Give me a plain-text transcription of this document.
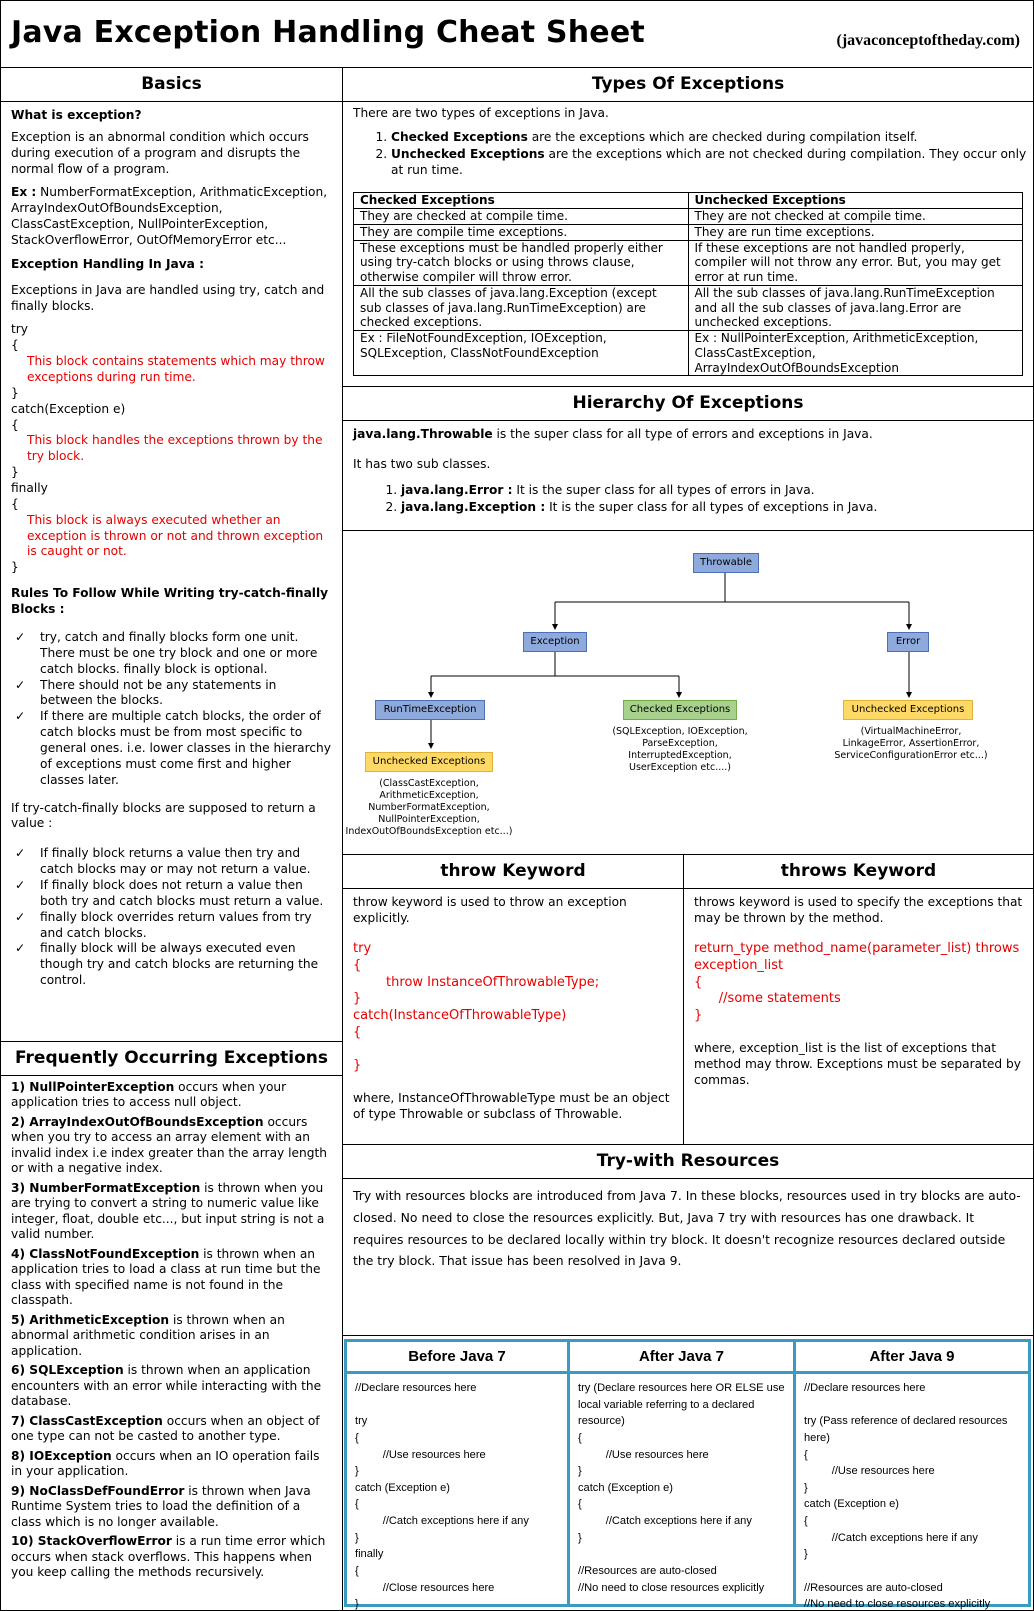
Java Exception Handling Cheat Sheet	(javaconceptoftheday.com)
Basics

What is exception?

Exception is an abnormal condition which occurs during execution of a program and disrupts the normal flow of a program.

Ex : NumberFormatException, ArithmaticException, ArrayIndexOutOfBoundsException, ClassCastException, NullPointerException, StackOverflowError, OutOfMemoryError etc...

Exception Handling In Java :

Exceptions in Java are handled using try, catch and finally blocks.

try
{
This block contains statements which may throw exceptions during run time.
}
catch(Exception e)
{
This block handles the exceptions thrown by the try block.
}
finally
{
This block is always executed whether an exception is thrown or not and thrown exception is caught or not.
}

Rules To Follow While Writing try-catch-finally Blocks :

✓ try, catch and finally blocks form one unit. There must be one try block and one or more catch blocks. finally block is optional.
✓ There should not be any statements in between the blocks.
✓ If there are multiple catch blocks, the order of catch blocks must be from most specific to general ones. i.e. lower classes in the hierarchy of exceptions must come first and higher classes later.

If try-catch-finally blocks are supposed to return a value :

✓ If finally block returns a value then try and catch blocks may or may not return a value.
✓ If finally block does not return a value then both try and catch blocks must return a value.
✓ finally block overrides return values from try and catch blocks.
✓ finally block will be always executed even though try and catch blocks are returning the control.
Frequently Occurring Exceptions
1) NullPointerException occurs when your application tries to access null object.
2) ArrayIndexOutOfBoundsException occurs when you try to access an array element with an invalid index i.e index greater than the array length or with a negative index.
3) NumberFormatException is thrown when you are trying to convert a string to numeric value like integer, float, double etc..., but input string is not a valid number.
4) ClassNotFoundException is thrown when an application tries to load a class at run time but the class with specified name is not found in the classpath.
5) ArithmeticException is thrown when an abnormal arithmetic condition arises in an application.
6) SQLException is thrown when an application encounters with an error while interacting with the database.
7) ClassCastException occurs when an object of one type can not be casted to another type.
8) IOException occurs when an IO operation fails in your application.
9) NoClassDefFoundError is thrown when Java Runtime System tries to load the definition of a class which is no longer available.
10) StackOverflowError is a run time error which occurs when stack overflows. This happens when you keep calling the methods recursively.
Types Of Exceptions

There are two types of exceptions in Java.

1. Checked Exceptions are the exceptions which are checked during compilation itself.
2. Unchecked Exceptions are the exceptions which are not checked during compilation. They occur only at run time.
Checked Exceptions	Unchecked Exceptions
They are checked at compile time.	They are not checked at compile time.
They are compile time exceptions.	They are run time exceptions.
These exceptions must be handled properly either using try-catch blocks or using throws clause, otherwise compiler will throw error.	If these exceptions are not handled properly, compiler will not throw any error. But, you may get error at run time.
All the sub classes of java.lang.Exception (except sub classes of java.lang.RunTimeException) are checked exceptions.	All the sub classes of java.lang.RunTimeException and all the sub classes of java.lang.Error are unchecked exceptions.
Ex : FileNotFoundException, IOException, SQLException, ClassNotFoundException	Ex : NullPointerException, ArithmeticException, ClassCastException, ArrayIndexOutOfBoundsException
Hierarchy Of Exceptions

java.lang.Throwable is the super class for all type of errors and exceptions in Java.

It has two sub classes.

1. java.lang.Error : It is the super class for all types of errors in Java.
2. java.lang.Exception : It is the super class for all types of exceptions in Java.
Throwable
Exception	Error
RunTimeException	Checked Exceptions	Unchecked Exceptions
Unchecked Exceptions
(SQLException, IOException,
ParseException,
InterruptedException,
UserException etc....)
(VirtualMachineError,
LinkageError, AssertionError,
ServiceConfigurationError etc...)
(ClassCastException,
ArithmeticException,
NumberFormatException,
NullPointerException,
IndexOutOfBoundsException etc...)
throw Keyword

throw keyword is used to throw an exception explicitly.

try
{
throw InstanceOfThrowableType;
}
catch(InstanceOfThrowableType)
{
}

where, InstanceOfThrowableType must be an object of type Throwable or subclass of Throwable.

throws Keyword

throws keyword is used to specify the exceptions that may be thrown by the method.

return_type method_name(parameter_list) throws exception_list
{
//some statements
}

where, exception_list is the list of exceptions that method may throw. Exceptions must be separated by commas.

Try-with Resources
Try with resources blocks are introduced from Java 7. In these blocks, resources used in try blocks are auto-closed. No need to close the resources explicitly. But, Java 7 try with resources has one drawback. It requires resources to be declared locally within try block. It doesn't recognize resources declared outside the try block. That issue has been resolved in Java 9.
Before Java 7
//Declare resources here

try
{
//Use resources here
}
catch (Exception e)
{
//Catch exceptions here if any
}
finally
{
//Close resources here
}
After Java 7
try (Declare resources here OR ELSE use local variable referring to a declared resource)
{
//Use resources here
}
catch (Exception e)
{
//Catch exceptions here if any
}

//Resources are auto-closed
//No need to close resources explicitly
After Java 9
//Declare resources here

try (Pass reference of declared resources here)
{
//Use resources here
}
catch (Exception e)
{
//Catch exceptions here if any
}

//Resources are auto-closed
//No need to close resources explicitly
